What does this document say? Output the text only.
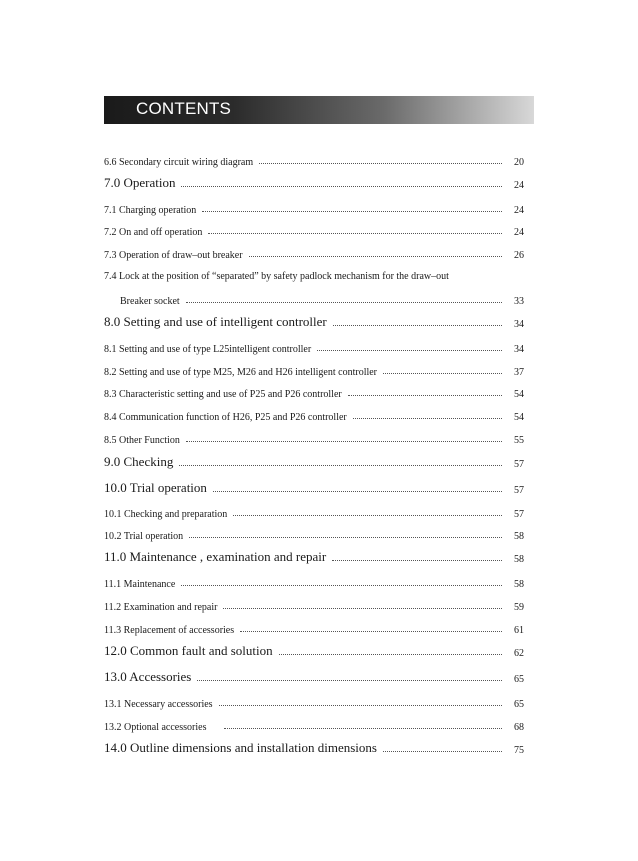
CONTENTS
6.6 Secondary circuit wiring diagram	20
7.0 Operation	24
7.1 Charging operation	24
7.2 On and off operation	24
7.3 Operation of draw–out breaker	26
7.4 Lock at the position of “separated” by safety padlock mechanism for the draw–out
Breaker socket	33
8.0 Setting and use of intelligent controller	34
8.1 Setting and use of type L25intelligent controller	34
8.2 Setting and use of type M25, M26 and H26 intelligent controller	37
8.3 Characteristic setting and use of P25 and P26 controller	54
8.4 Communication function of H26, P25 and P26 controller	54
8.5 Other Function	55
9.0 Checking	57
10.0 Trial operation	57
10.1 Checking and preparation	57
10.2 Trial operation	58
11.0 Maintenance , examination and repair	58
11.1 Maintenance	58
11.2 Examination and repair	59
11.3 Replacement of accessories	61
12.0 Common fault and solution	62
13.0 Accessories	65
13.1 Necessary accessories	65
13.2 Optional accessories	68
14.0 Outline dimensions and installation dimensions	75
